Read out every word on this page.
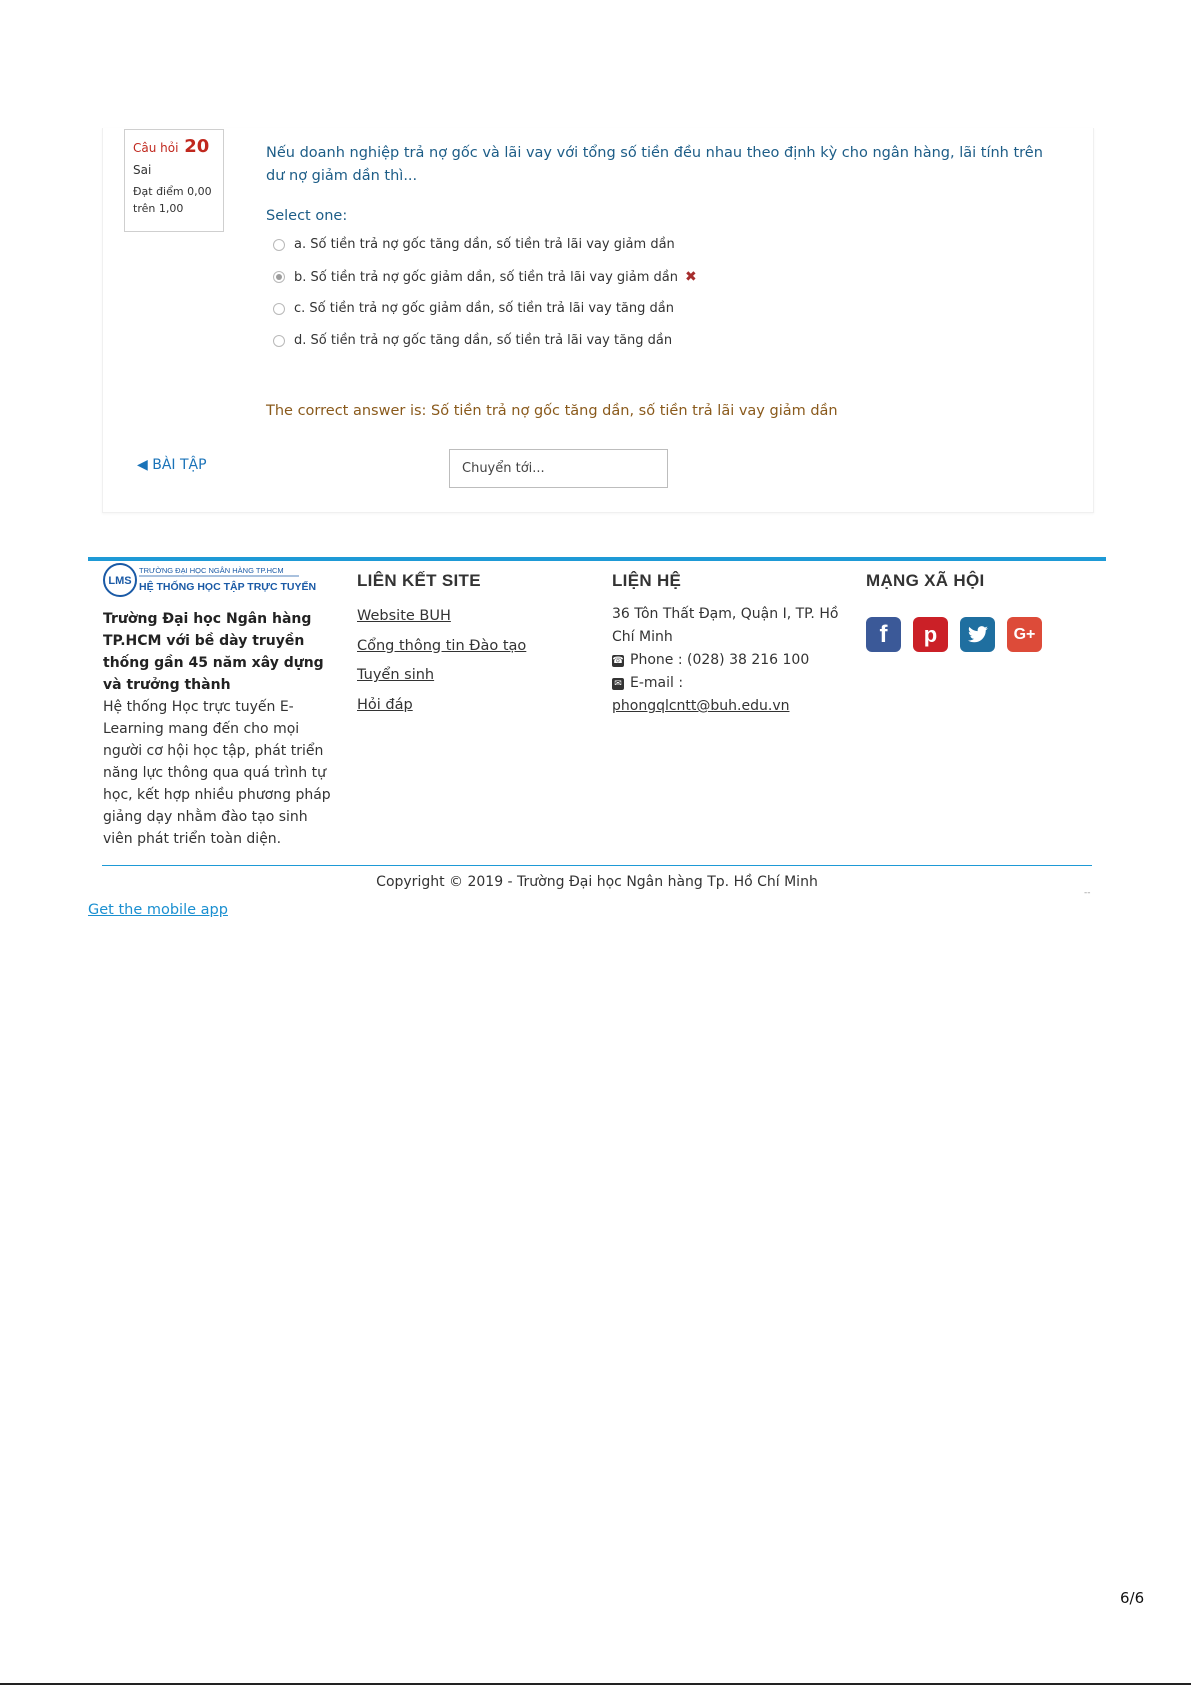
Câu hỏi 20
Sai
Đạt điểm 0,00
trên 1,00
Nếu doanh nghiệp trả nợ gốc và lãi vay với tổng số tiền đều nhau theo định kỳ cho ngân hàng, lãi tính trên dư nợ giảm dần thì...
Select one:
a. Số tiền trả nợ gốc tăng dần, số tiền trả lãi vay giảm dần
b. Số tiền trả nợ gốc giảm dần, số tiền trả lãi vay giảm dần ✖
c. Số tiền trả nợ gốc giảm dần, số tiền trả lãi vay tăng dần
d. Số tiền trả nợ gốc tăng dần, số tiền trả lãi vay tăng dần
The correct answer is: Số tiền trả nợ gốc tăng dần, số tiền trả lãi vay giảm dần
◀ BÀI TẬP	Chuyển tới...
LMS
TRƯỜNG ĐẠI HỌC NGÂN HÀNG TP.HCM
HỆ THỐNG HỌC TẬP TRỰC TUYẾN
Trường Đại học Ngân hàng TP.HCM với bề dày truyền thống gần 45 năm xây dựng và trưởng thành
Hệ thống Học trực tuyến E-Learning mang đến cho mọi người cơ hội học tập, phát triển năng lực thông qua quá trình tự học, kết hợp nhiều phương pháp giảng dạy nhằm đào tạo sinh viên phát triển toàn diện.
LIÊN KẾT SITE
Website BUH
Cổng thông tin Đào tạo
Tuyển sinh
Hỏi đáp
LIỆN HỆ
36 Tôn Thất Đạm, Quận I, TP. Hồ Chí Minh
☎ Phone : (028) 38 216 100
✉ E-mail :
phongqlcntt@buh.edu.vn
MẠNG XÃ HỘI
f	p	G+
Copyright © 2019 - Trường Đại học Ngân hàng Tp. Hồ Chí Minh
--
Get the mobile app
6/6
